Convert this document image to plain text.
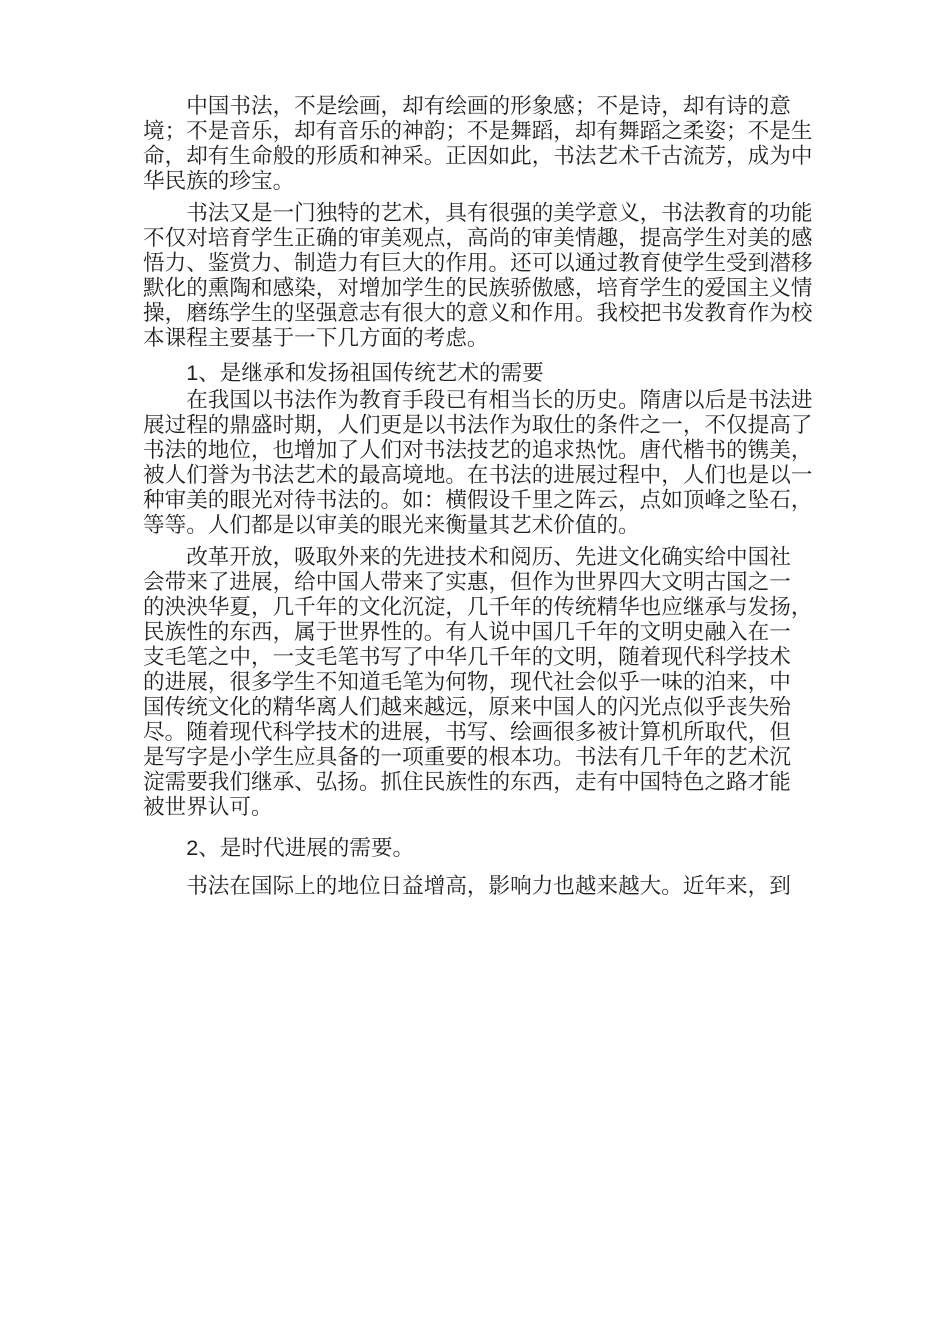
中国书法，不是绘画，却有绘画的形象感；不是诗，却有诗的意境；不是音乐，却有音乐的神韵；不是舞蹈，却有舞蹈之柔姿；不是生命，却有生命般的形质和神采。正因如此，书法艺术千古流芳，成为中华民族的珍宝。
书法又是一门独特的艺术，具有很强的美学意义，书法教育的功能不仅对培育学生正确的审美观点，高尚的审美情趣，提高学生对美的感悟力、鉴赏力、制造力有巨大的作用。还可以通过教育使学生受到潜移默化的熏陶和感染，对增加学生的民族骄傲感，培育学生的爱国主义情操，磨练学生的坚强意志有很大的意义和作用。我校把书发教育作为校本课程主要基于一下几方面的考虑。
1、是继承和发扬祖国传统艺术的需要
在我国以书法作为教育手段已有相当长的历史。隋唐以后是书法进展过程的鼎盛时期，人们更是以书法作为取仕的条件之一，不仅提高了书法的地位，也增加了人们对书法技艺的追求热忱。唐代楷书的镌美，被人们誉为书法艺术的最高境地。在书法的进展过程中，人们也是以一种审美的眼光对待书法的。如：横假设千里之阵云，点如顶峰之坠石，等等。人们都是以审美的眼光来衡量其艺术价值的。
改革开放，吸取外来的先进技术和阅历、先进文化确实给中国社 会带来了进展，给中国人带来了实惠，但作为世界四大文明古国之一 的泱泱华夏，几千年的文化沉淀，几千年的传统精华也应继承与发扬， 民族性的东西，属于世界性的。有人说中国几千年的文明史融入在一 支毛笔之中，一支毛笔书写了中华几千年的文明，随着现代科学技术 的进展，很多学生不知道毛笔为何物，现代社会似乎一味的泊来，中 国传统文化的精华离人们越来越远，原来中国人的闪光点似乎丧失殆 尽。随着现代科学技术的进展，书写、绘画很多被计算机所取代，但 是写字是小学生应具备的一项重要的根本功。书法有几千年的艺术沉 淀需要我们继承、弘扬。抓住民族性的东西，走有中国特色之路才能 被世界认可。
2、是时代进展的需要。
书法在国际上的地位日益增高，影响力也越来越大。近年来，到
